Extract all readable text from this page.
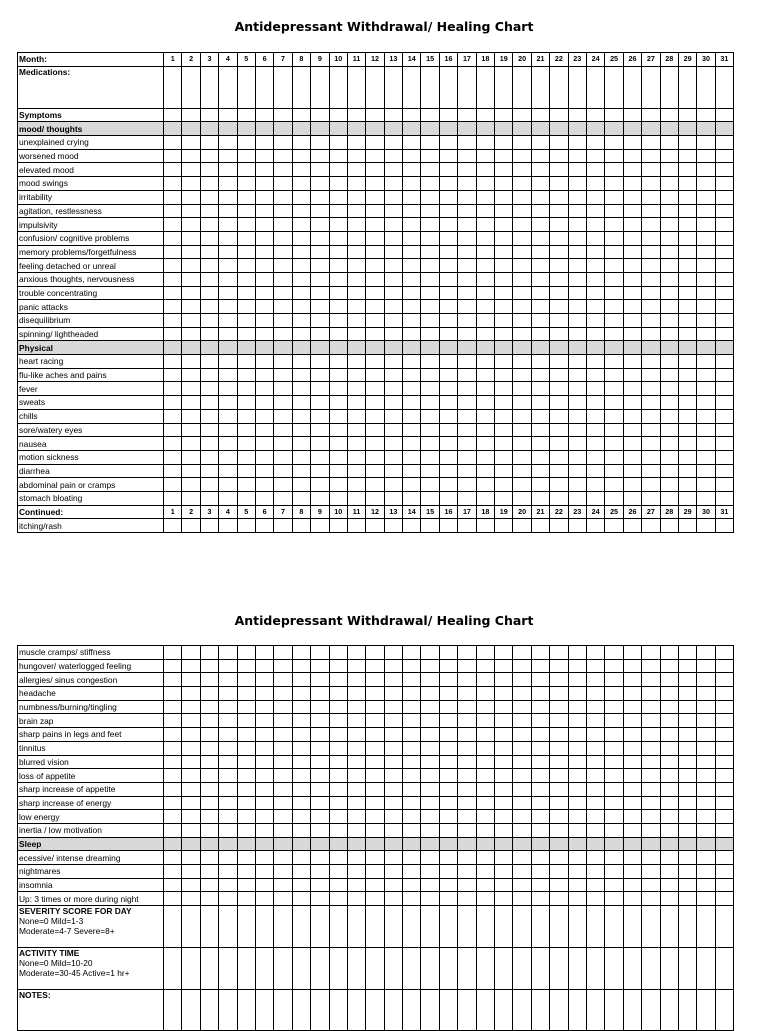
Antidepressant Withdrawal/ Healing Chart
Month:	1	2	3	4	5	6	7	8	9	10	11	12	13	14	15	16	17	18	19	20	21	22	23	24	25	26	27	28	29	30	31
Medications:																															
Symptoms																															
mood/ thoughts																															
unexplained crying																															
worsened mood																															
elevated mood																															
mood swings																															
irritability																															
agitation, restlessness																															
impulsivity																															
confusion/ cognitive problems																															
memory problems/forgetfulness																															
feeling detached or unreal																															
anxious thoughts, nervousness																															
trouble concentrating																															
panic attacks																															
disequilibrium																															
spinning/ lightheaded																															
Physical																															
heart racing																															
flu-like aches and pains																															
fever																															
sweats																															
chills																															
sore/watery eyes																															
nausea																															
motion sickness																															
diarrhea																															
abdominal pain or cramps																															
stomach bloating																															
Continued:	1	2	3	4	5	6	7	8	9	10	11	12	13	14	15	16	17	18	19	20	21	22	23	24	25	26	27	28	29	30	31
itching/rash																															
Antidepressant Withdrawal/ Healing Chart
muscle cramps/ stiffness																															
hungover/ waterlogged feeling																															
allergies/ sinus congestion																															
headache																															
numbness/burning/tingling																															
brain zap																															
sharp pains in legs and feet																															
tinnitus																															
blurred vision																															
loss of appetite																															
sharp increase of appetite																															
sharp increase of energy																															
low energy																															
inertia / low motivation																															
Sleep																															
ecessive/ intense dreaming																															
nightmares																															
insomnia																															
Up: 3 times or more during night																															

SEVERITY SCORE FOR DAY
None=0 Mild=1-3
Moderate=4-7 Severe=8+																															

ACTIVITY TIME
None=0 Mild=10-20
Moderate=30-45 Active=1 hr+																															

NOTES:																															
